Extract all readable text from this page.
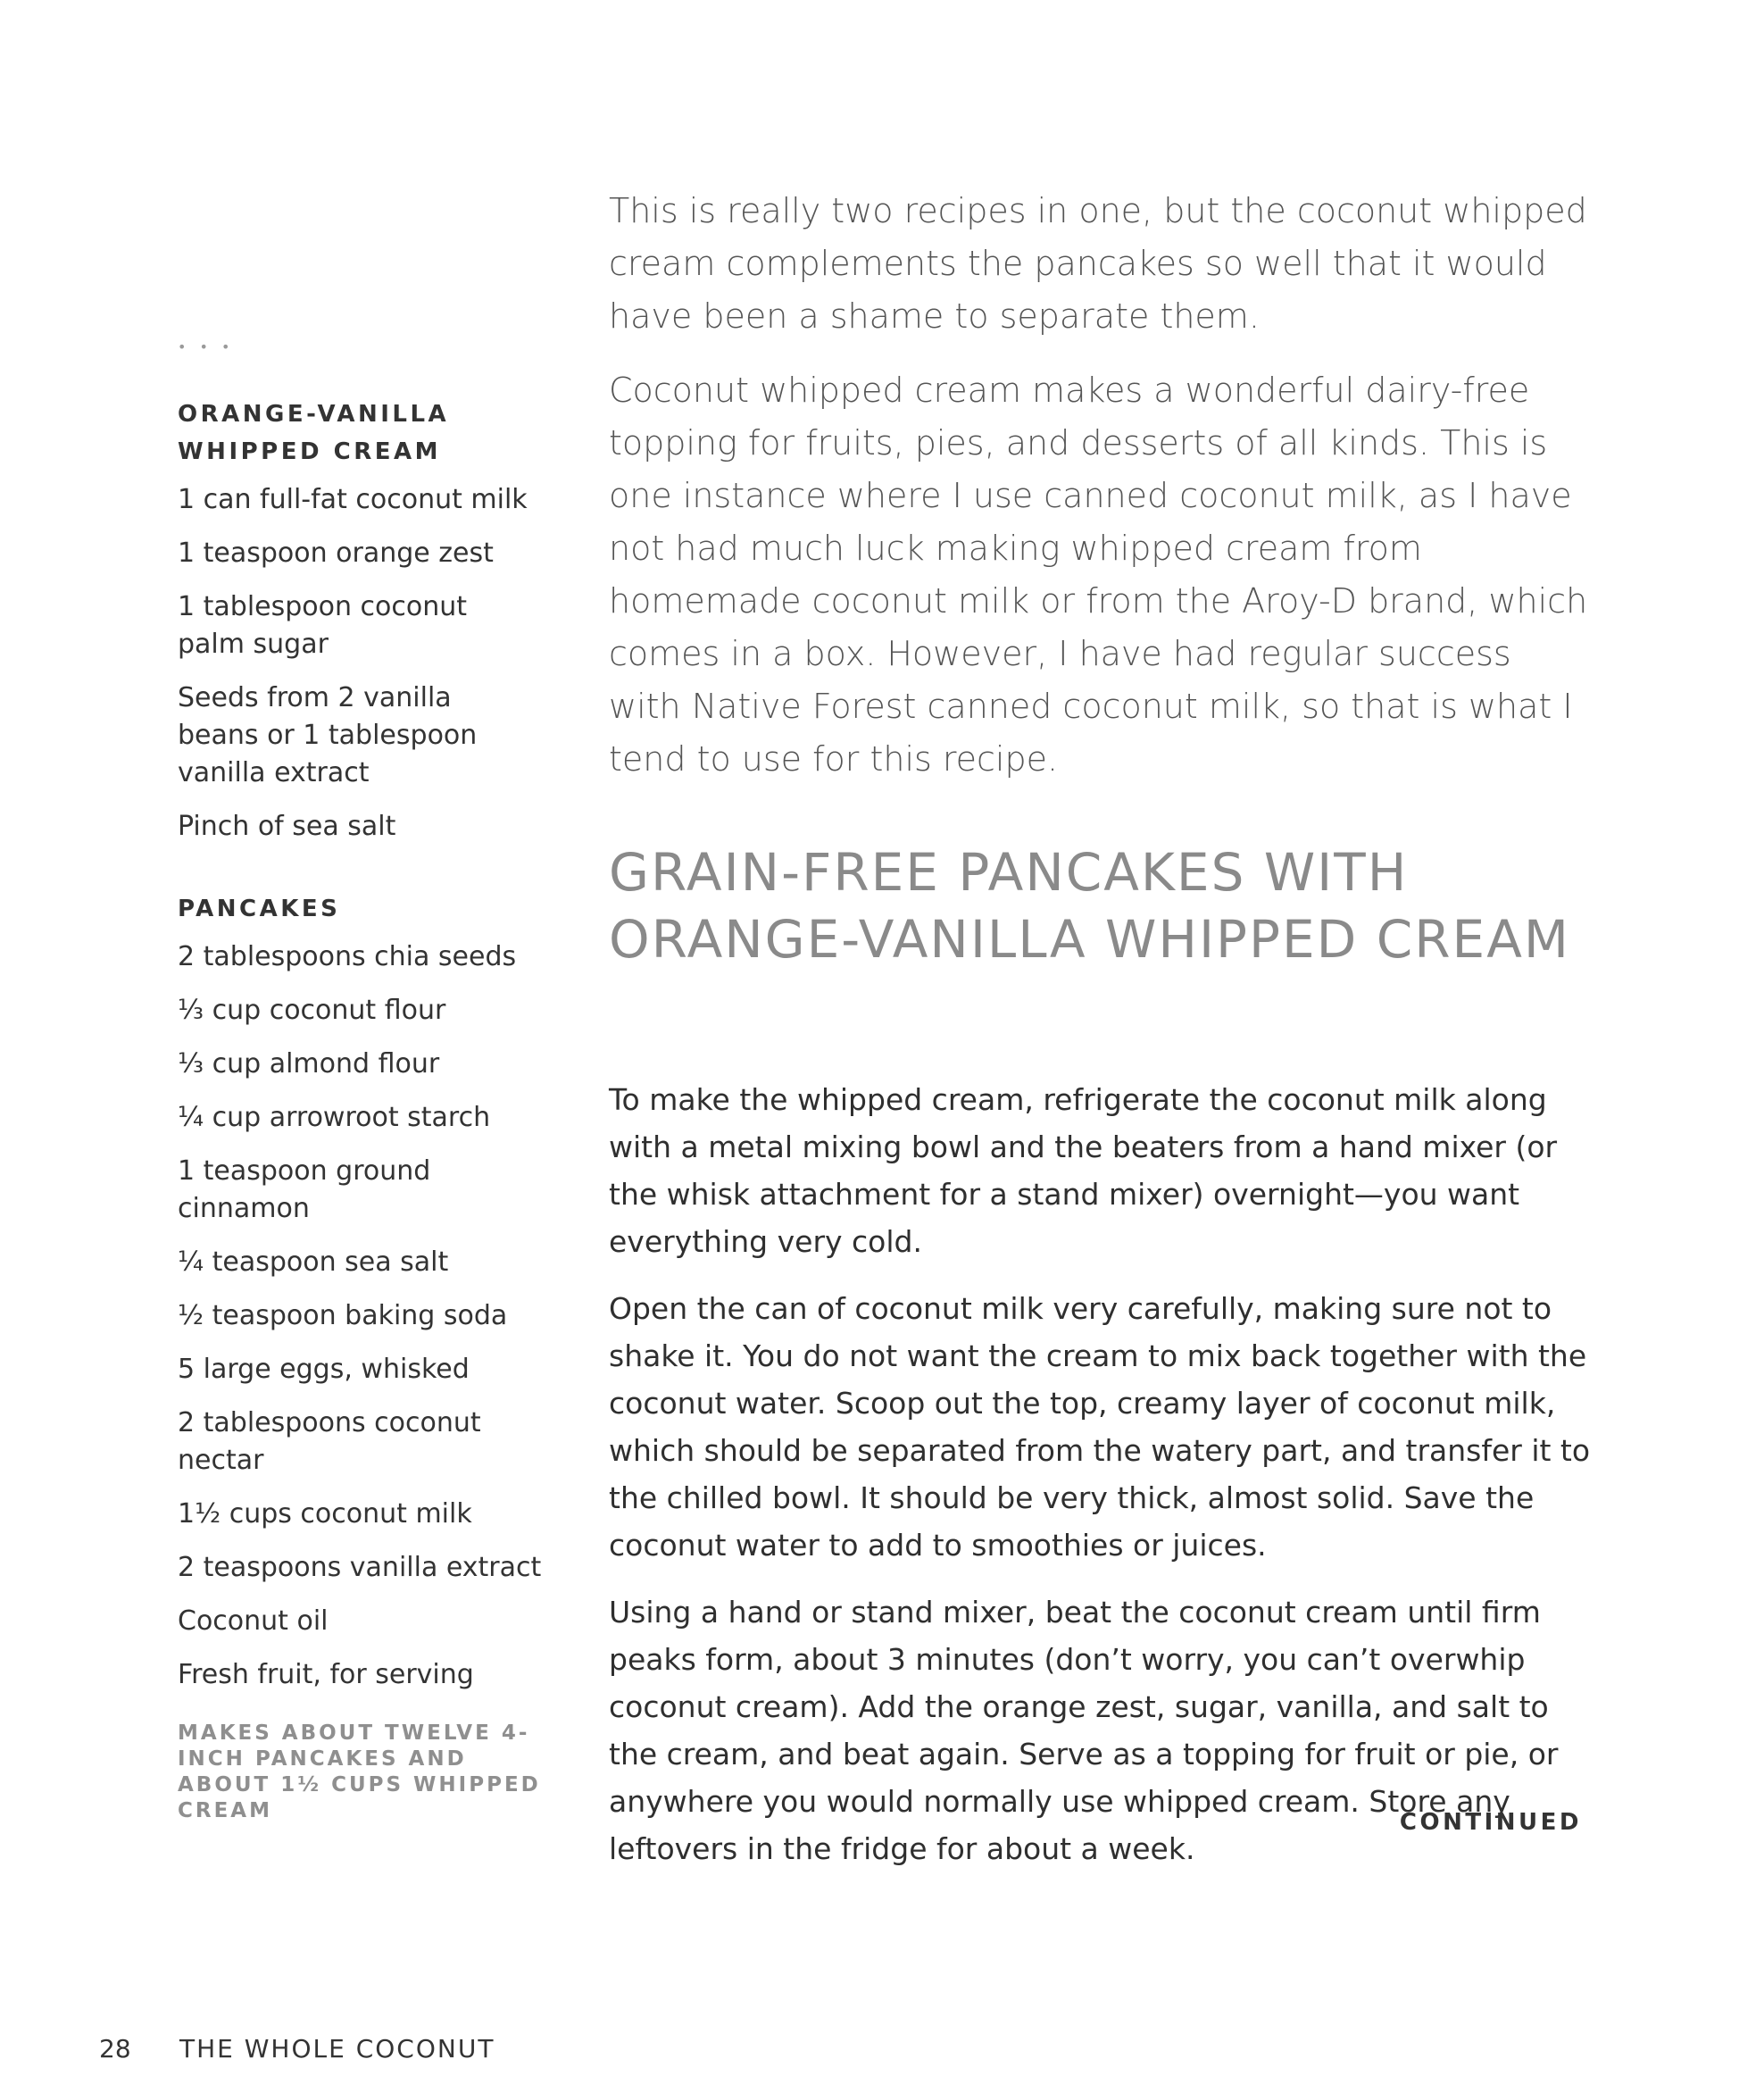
• • •
ORANGE-VANILLA
WHIPPED CREAM
1 can full-fat coconut milk
1 teaspoon orange zest
1 tablespoon coconut palm sugar
Seeds from 2 vanilla beans or 1 tablespoon vanilla extract
Pinch of sea salt
PANCAKES
2 tablespoons chia seeds
⅓ cup coconut flour
⅓ cup almond flour
¼ cup arrowroot starch
1 teaspoon ground cinnamon
¼ teaspoon sea salt
½ teaspoon baking soda
5 large eggs, whisked
2 tablespoons coconut nectar
1½ cups coconut milk
2 teaspoons vanilla extract
Coconut oil
Fresh fruit, for serving
MAKES ABOUT TWELVE 4-INCH PANCAKES AND ABOUT 1½ CUPS WHIPPED CREAM

This is really two recipes in one, but the coconut whipped cream complements the pancakes so well that it would have been a shame to separate them.

Coconut whipped cream makes a wonderful dairy-free topping for fruits, pies, and desserts of all kinds. This is one instance where I use canned coconut milk, as I have not had much luck making whipped cream from homemade coconut milk or from the Aroy-D brand, which comes in a box. However, I have had regular success with Native Forest canned coconut milk, so that is what I tend to use for this recipe.

GRAIN-FREE PANCAKES WITH
ORANGE-VANILLA WHIPPED CREAM

To make the whipped cream, refrigerate the coconut milk along with a metal mixing bowl and the beaters from a hand mixer (or the whisk attachment for a stand mixer) overnight—you want everything very cold.

Open the can of coconut milk very carefully, making sure not to shake it. You do not want the cream to mix back together with the coconut water. Scoop out the top, creamy layer of coconut milk, which should be separated from the watery part, and transfer it to the chilled bowl. It should be very thick, almost solid. Save the coconut water to add to smoothies or juices.

Using a hand or stand mixer, beat the coconut cream until firm peaks form, about 3 minutes (don’t worry, you can’t overwhip coconut cream). Add the orange zest, sugar, vanilla, and salt to the cream, and beat again. Serve as a topping for fruit or pie, or anywhere you would normally use whipped cream. Store any leftovers in the fridge for about a week.

CONTINUED
28 THE WHOLE COCONUT
